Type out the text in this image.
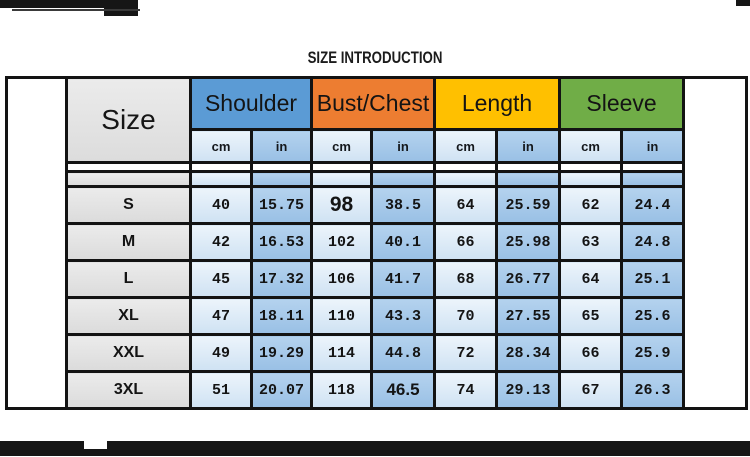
SIZE INTRODUCTION
	Size	Shoulder		Bust/Chest		Length		Sleeve		
		cm	in	cm	in	cm	in	cm	in	

	S	40	15.75	98	38.5	64	25.59	62	24.4	
	M	42	16.53	102	40.1	66	25.98	63	24.8	
	L	45	17.32	106	41.7	68	26.77	64	25.1	
	XL	47	18.11	110	43.3	70	27.55	65	25.6	
	XXL	49	19.29	114	44.8	72	28.34	66	25.9	
	3XL	51	20.07	118	46.5	74	29.13	67	26.3	
